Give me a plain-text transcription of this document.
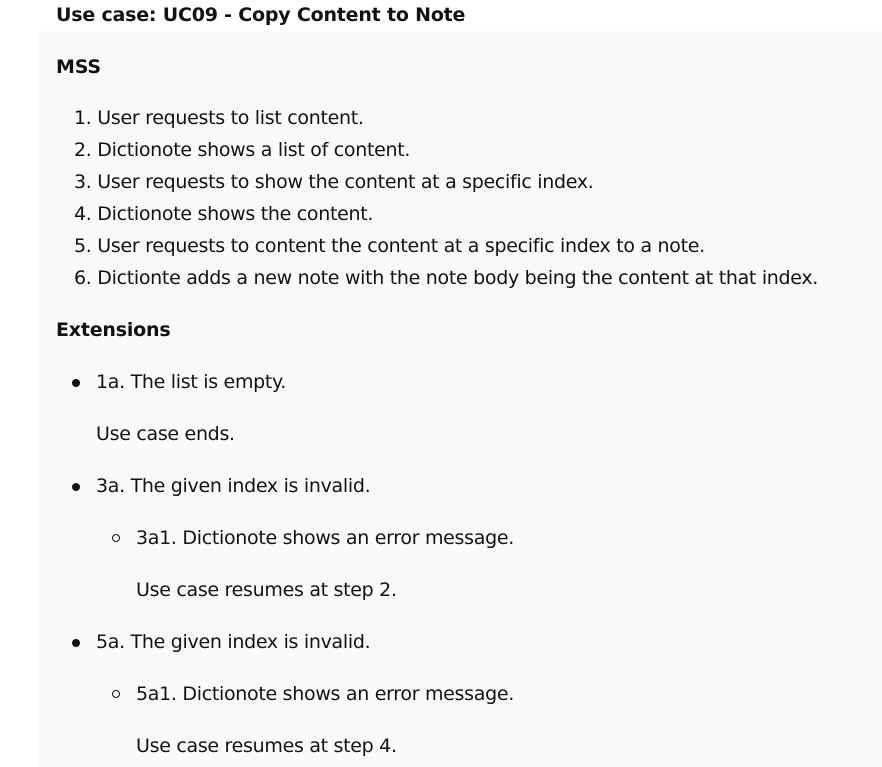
Use case: UC09 - Copy Content to Note
MSS
1. User requests to list content.
2. Dictionote shows a list of content.
3. User requests to show the content at a specific index.
4. Dictionote shows the content.
5. User requests to content the content at a specific index to a note.
6. Dictionte adds a new note with the note body being the content at that index.
Extensions
1a. The list is empty.
Use case ends.
3a. The given index is invalid.
3a1. Dictionote shows an error message.
Use case resumes at step 2.
5a. The given index is invalid.
5a1. Dictionote shows an error message.
Use case resumes at step 4.
